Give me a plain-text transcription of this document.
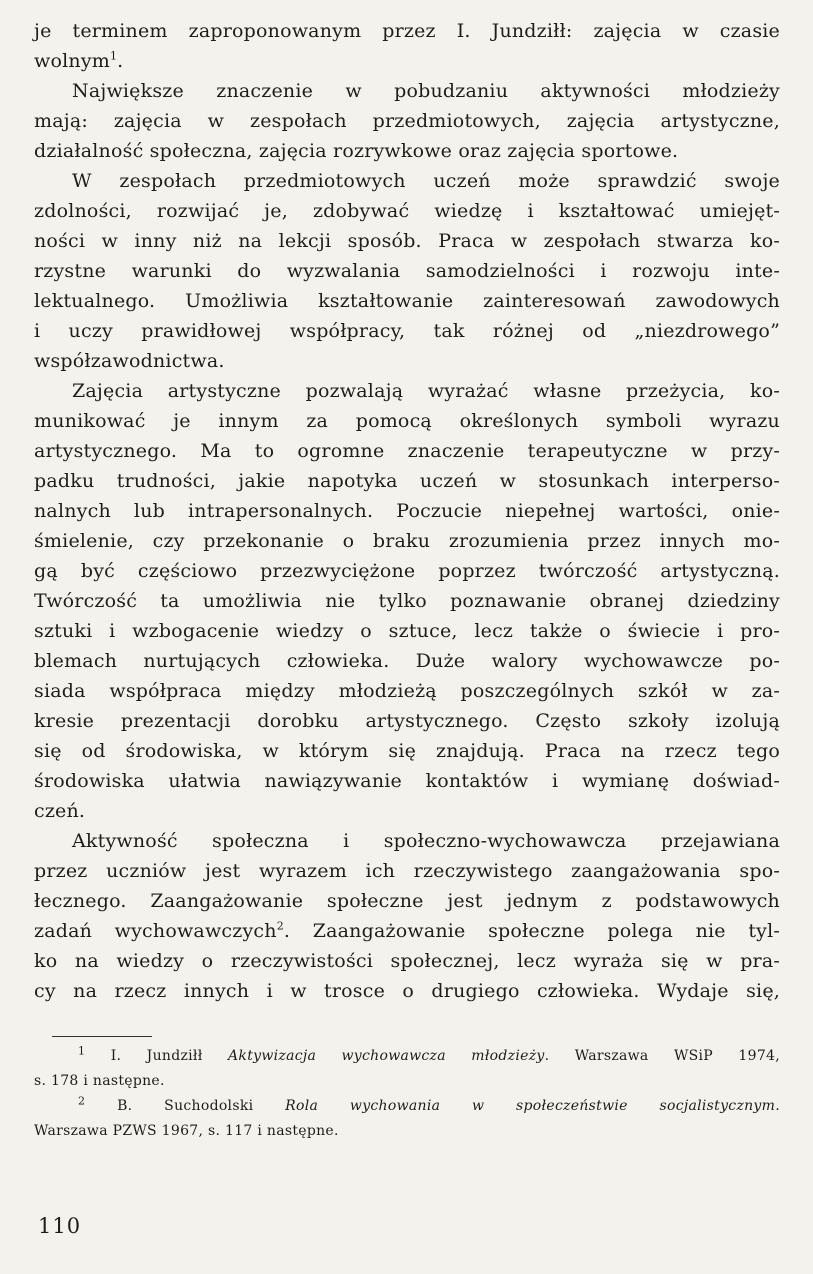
je terminem zaproponowanym przez I. Jundziłł: zajęcia w czasie
wolnym$^1$.

Największe znaczenie w pobudzaniu aktywności młodzieży
mają: zajęcia w zespołach przedmiotowych, zajęcia artystyczne,
działalność społeczna, zajęcia rozrywkowe oraz zajęcia sportowe.

W zespołach przedmiotowych uczeń może sprawdzić swoje
zdolności, rozwijać je, zdobywać wiedzę i kształtować umiejęt-
ności w inny niż na lekcji sposób. Praca w zespołach stwarza ko-
rzystne warunki do wyzwalania samodzielności i rozwoju inte-
lektualnego. Umożliwia kształtowanie zainteresowań zawodowych
i uczy prawidłowej współpracy, tak różnej od „niezdrowego”
współzawodnictwa.

Zajęcia artystyczne pozwalają wyrażać własne przeżycia, ko-
munikować je innym za pomocą określonych symboli wyrazu
artystycznego. Ma to ogromne znaczenie terapeutyczne w przy-
padku trudności, jakie napotyka uczeń w stosunkach interperso-
nalnych lub intrapersonalnych. Poczucie niepełnej wartości, onie-
śmielenie, czy przekonanie o braku zrozumienia przez innych mo-
gą być częściowo przezwyciężone poprzez twórczość artystyczną.
Twórczość ta umożliwia nie tylko poznawanie obranej dziedziny
sztuki i wzbogacenie wiedzy o sztuce, lecz także o świecie i pro-
blemach nurtujących człowieka. Duże walory wychowawcze po-
siada współpraca między młodzieżą poszczególnych szkół w za-
kresie prezentacji dorobku artystycznego. Często szkoły izolują
się od środowiska, w którym się znajdują. Praca na rzecz tego
środowiska ułatwia nawiązywanie kontaktów i wymianę doświad-
czeń.

Aktywność społeczna i społeczno-wychowawcza przejawiana
przez uczniów jest wyrazem ich rzeczywistego zaangażowania spo-
łecznego. Zaangażowanie społeczne jest jednym z podstawowych
zadań wychowawczych$^2$. Zaangażowanie społeczne polega nie tyl-
ko na wiedzy o rzeczywistości społecznej, lecz wyraża się w pra-
cy na rzecz innych i w trosce o drugiego człowieka. Wydaje się,

$^1$ I. Jundziłł Aktywizacja wychowawcza młodzieży. Warszawa WSiP 1974,
s. 178 i następne.
$^2$ B. Suchodolski Rola wychowania w społeczeństwie socjalistycznym.
Warszawa PZWS 1967, s. 117 i następne.
110
